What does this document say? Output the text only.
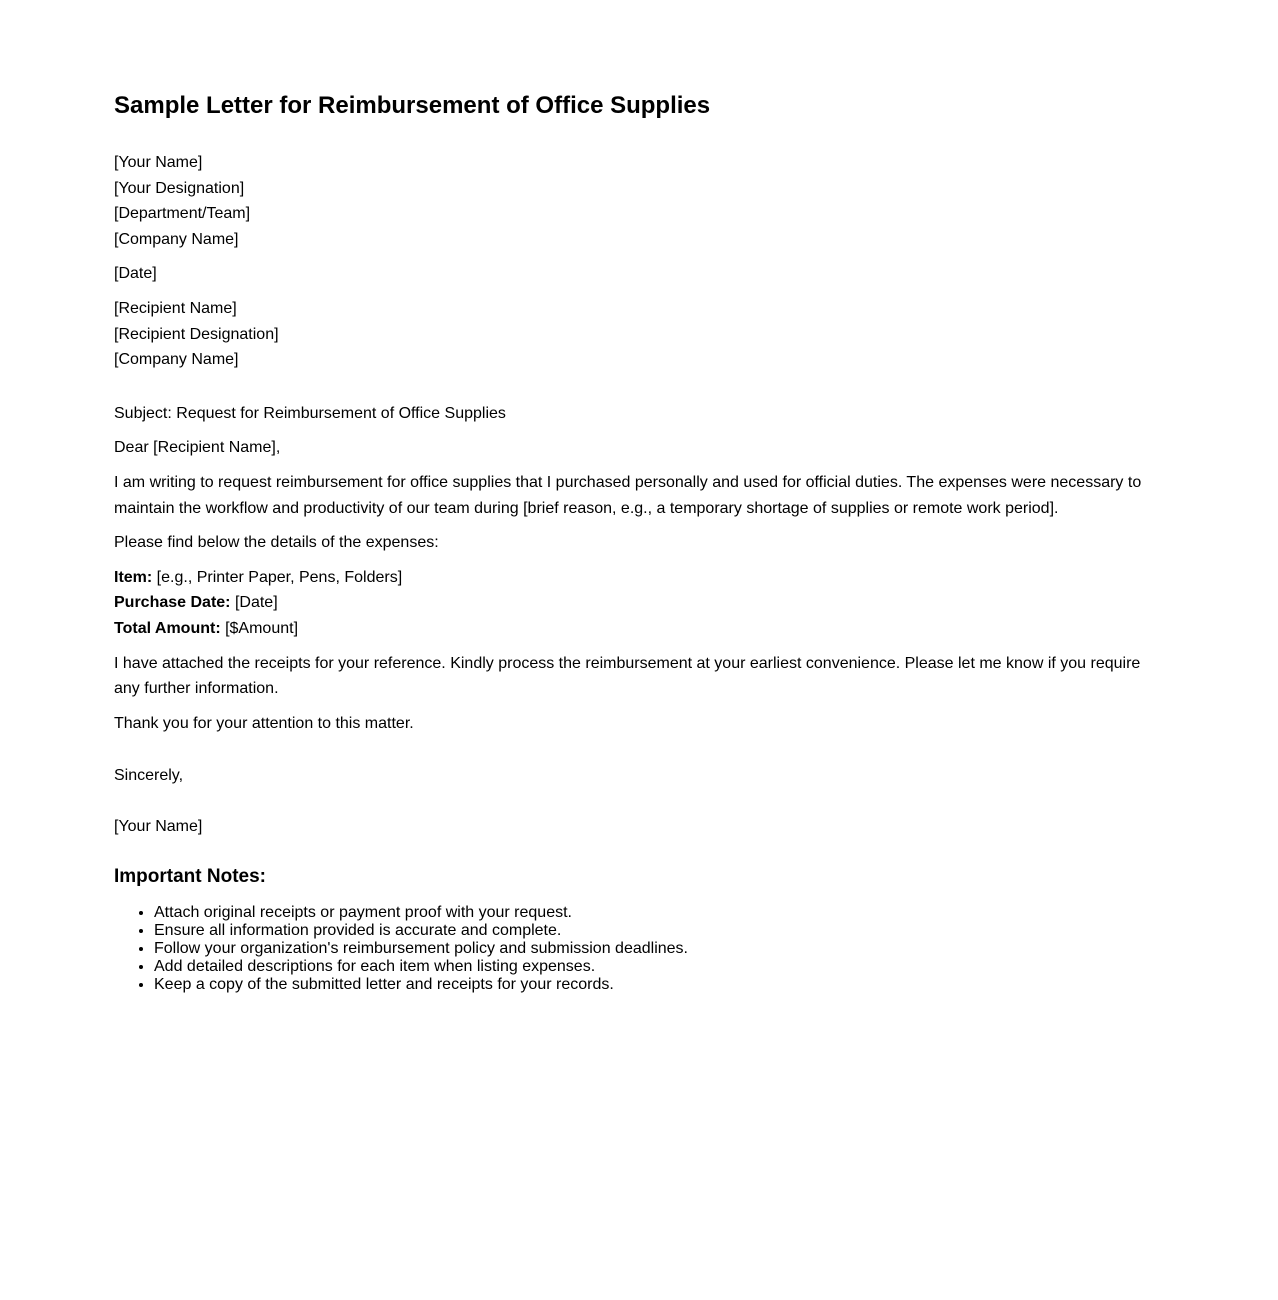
Sample Letter for Reimbursement of Office Supplies
[Your Name]
[Your Designation]
[Department/Team]
[Company Name]
[Date]
[Recipient Name]
[Recipient Designation]
[Company Name]
Subject: Request for Reimbursement of Office Supplies
Dear [Recipient Name],

I am writing to request reimbursement for office supplies that I purchased personally and used for official duties. The expenses were necessary to maintain the workflow and productivity of our team during [brief reason, e.g., a temporary shortage of supplies or remote work period].

Please find below the details of the expenses:

Item: [e.g., Printer Paper, Pens, Folders]
Purchase Date: [Date]
Total Amount: [$Amount]

I have attached the receipts for your reference. Kindly process the reimbursement at your earliest convenience. Please let me know if you require any further information.

Thank you for your attention to this matter.

Sincerely,
[Your Name]
Important Notes:
• Attach original receipts or payment proof with your request.
• Ensure all information provided is accurate and complete.
• Follow your organization's reimbursement policy and submission deadlines.
• Add detailed descriptions for each item when listing expenses.
• Keep a copy of the submitted letter and receipts for your records.
